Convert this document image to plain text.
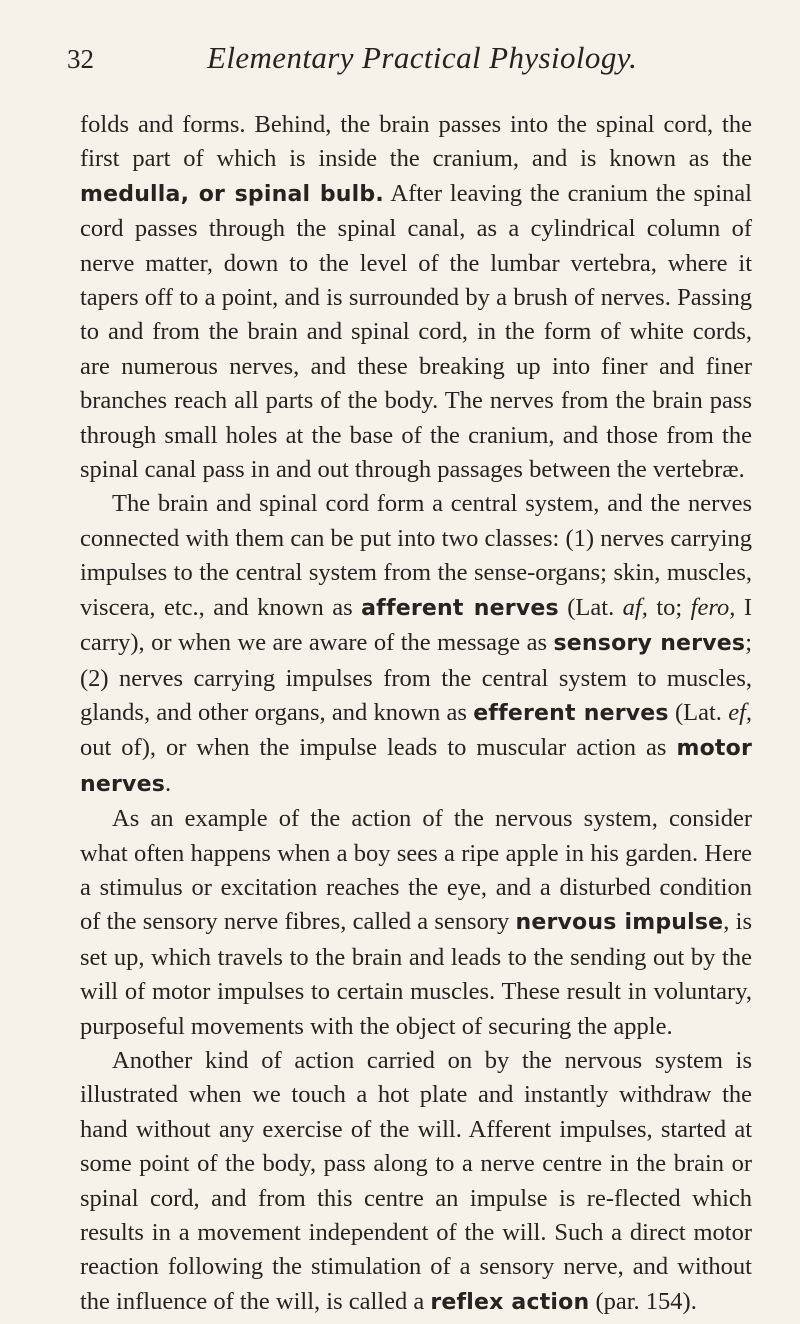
32	Elementary Practical Physiology.

folds and forms. Behind, the brain passes into the spinal cord, the first part of which is inside the cranium, and is known as the medulla, or spinal bulb. After leaving the cranium the spinal cord passes through the spinal canal, as a cylindrical column of nerve matter, down to the level of the lumbar vertebra, where it tapers off to a point, and is surrounded by a brush of nerves. Passing to and from the brain and spinal cord, in the form of white cords, are numerous nerves, and these breaking up into finer and finer branches reach all parts of the body. The nerves from the brain pass through small holes at the base of the cranium, and those from the spinal canal pass in and out through passages between the vertebræ.

The brain and spinal cord form a central system, and the nerves connected with them can be put into two classes: (1) nerves carrying impulses to the central system from the sense-organs; skin, muscles, viscera, etc., and known as afferent nerves (Lat. af, to; fero, I carry), or when we are aware of the message as sensory nerves; (2) nerves carrying impulses from the central system to muscles, glands, and other organs, and known as efferent nerves (Lat. ef, out of), or when the impulse leads to muscular action as motor nerves.

As an example of the action of the nervous system, consider what often happens when a boy sees a ripe apple in his garden. Here a stimulus or excitation reaches the eye, and a disturbed condition of the sensory nerve fibres, called a sensory nervous impulse, is set up, which travels to the brain and leads to the sending out by the will of motor impulses to certain muscles. These result in voluntary, purposeful movements with the object of securing the apple.

Another kind of action carried on by the nervous system is illustrated when we touch a hot plate and instantly withdraw the hand without any exercise of the will. Afferent impulses, started at some point of the body, pass along to a nerve centre in the brain or spinal cord, and from this centre an impulse is re-flected which results in a movement independent of the will. Such a direct motor reaction following the stimulation of a sensory nerve, and without the influence of the will, is called a reflex action (par. 154).
